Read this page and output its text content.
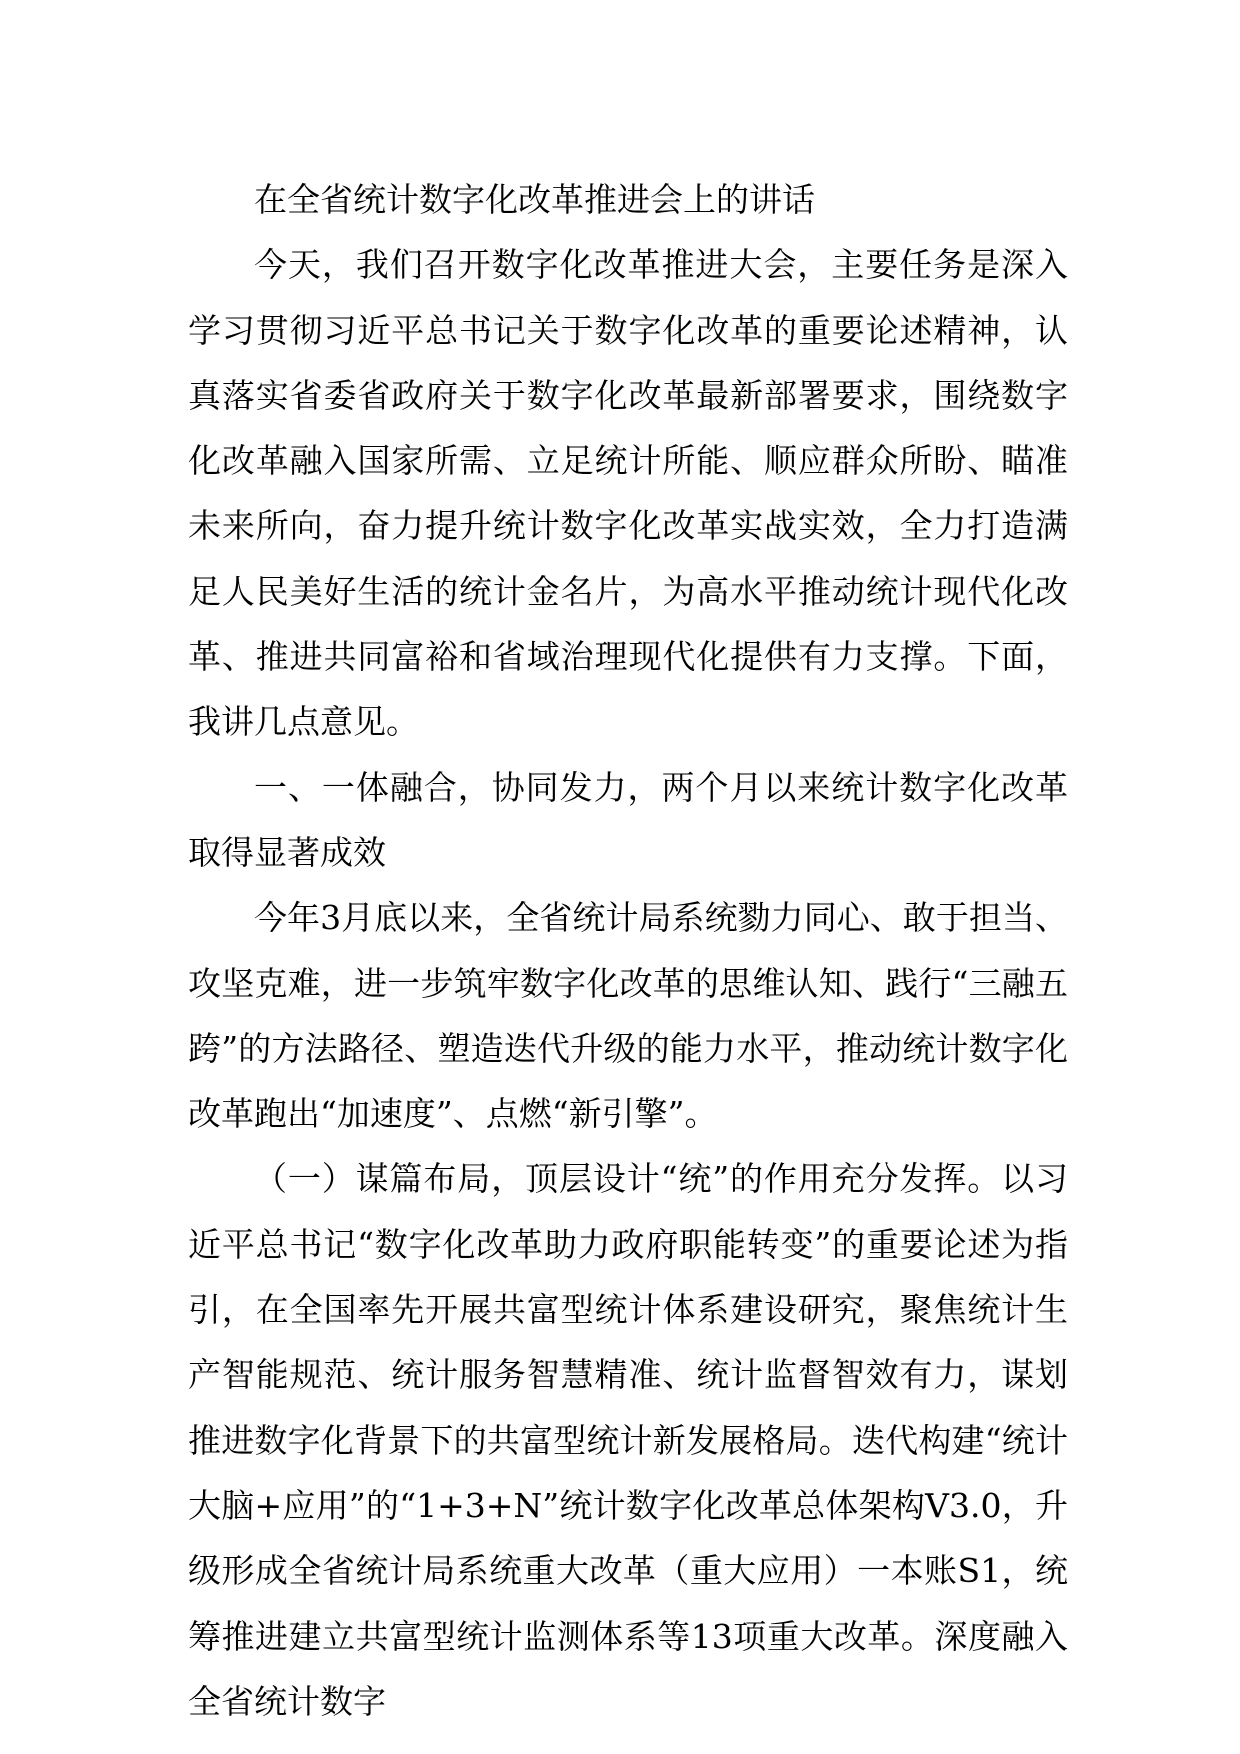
在全省统计数字化改革推进会上的讲话

今天，我们召开数字化改革推进大会，主要任务是深入学习贯彻习近平总书记关于数字化改革的重要论述精神，认真落实省委省政府关于数字化改革最新部署要求，围绕数字化改革融入国家所需、立足统计所能、顺应群众所盼、瞄准未来所向，奋力提升统计数字化改革实战实效，全力打造满足人民美好生活的统计金名片，为高水平推动统计现代化改革、推进共同富裕和省域治理现代化提供有力支撑。下面，我讲几点意见。

一、一体融合，协同发力，两个月以来统计数字化改革取得显著成效

今年3月底以来，全省统计局系统勠力同心、敢于担当、攻坚克难，进一步筑牢数字化改革的思维认知、践行“三融五跨”的方法路径、塑造迭代升级的能力水平，推动统计数字化改革跑出“加速度”、点燃“新引擎”。

（一）谋篇布局，顶层设计“统”的作用充分发挥。以习近平总书记“数字化改革助力政府职能转变”的重要论述为指引，在全国率先开展共富型统计体系建设研究，聚焦统计生产智能规范、统计服务智慧精准、统计监督智效有力，谋划推进数字化背景下的共富型统计新发展格局。迭代构建“统计大脑+应用”的“1+3+N”统计数字化改革总体架构V3.0，升级形成全省统计局系统重大改革（重大应用）一本账S1，统筹推进建立共富型统计监测体系等13项重大改革。深度融入全省统计数字
